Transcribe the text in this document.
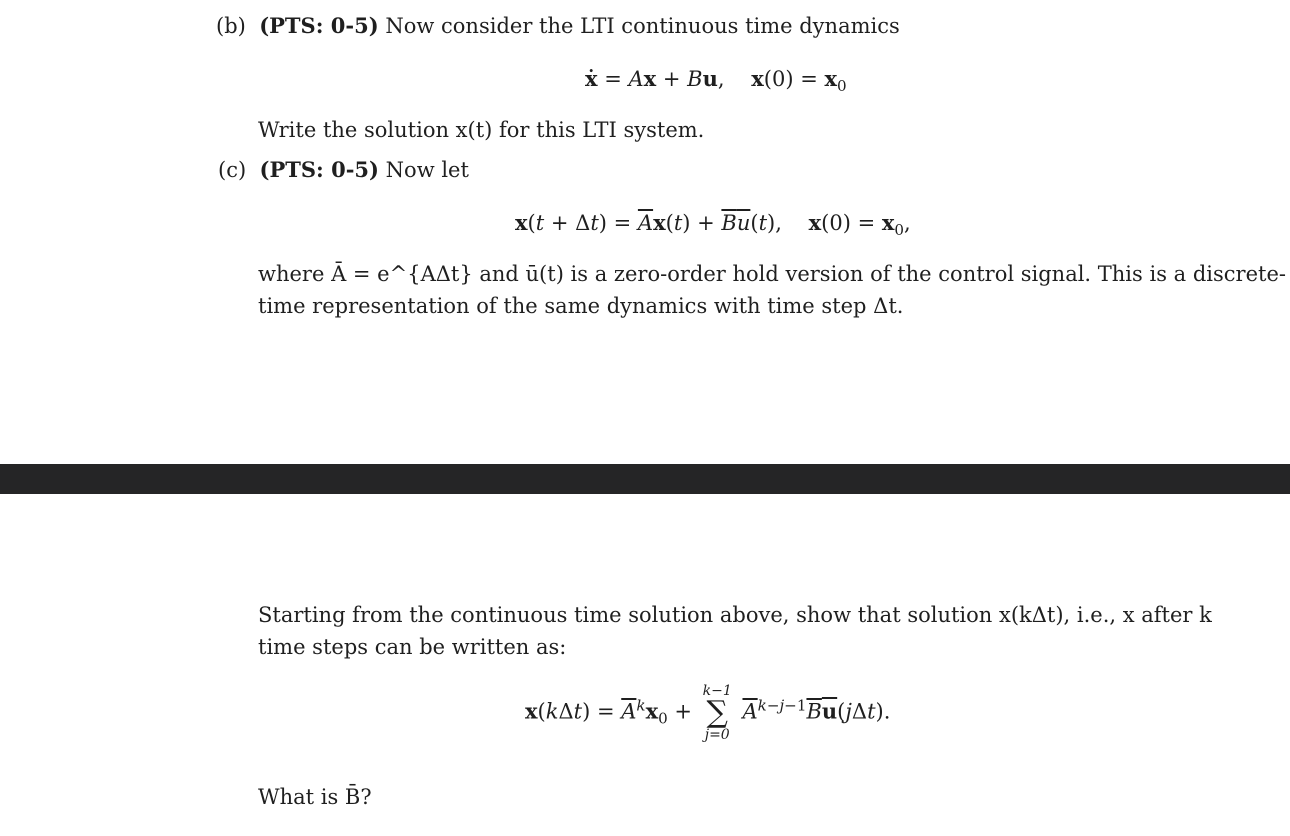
(b) (PTS: 0-5) Now consider the LTI continuous time dynamics
ẋ = Ax + Bu,    $x(0) = x_0$
Write the solution x(t) for this LTI system.
(c) (PTS: 0-5) Now let
$x(t + \Delta t) = \overline{A}x(t) + \overline{B}\overline{u}(t)$,    $x(0) = x_0$,
where Ā = e^{AΔt} and ū(t) is a zero-order hold version of the control signal. This is a discrete-
time representation of the same dynamics with time step Δt.
Starting from the continuous time solution above, show that solution x(kΔt), i.e., x after k
time steps can be written as:
$x(k\Delta t) = \overline{A}^kx_0$ +
k−1
∑
j=0
$\overline{A}^{k-j-1}\overline{B}\overline{u}(j\Delta t)$.
What is B̄?
